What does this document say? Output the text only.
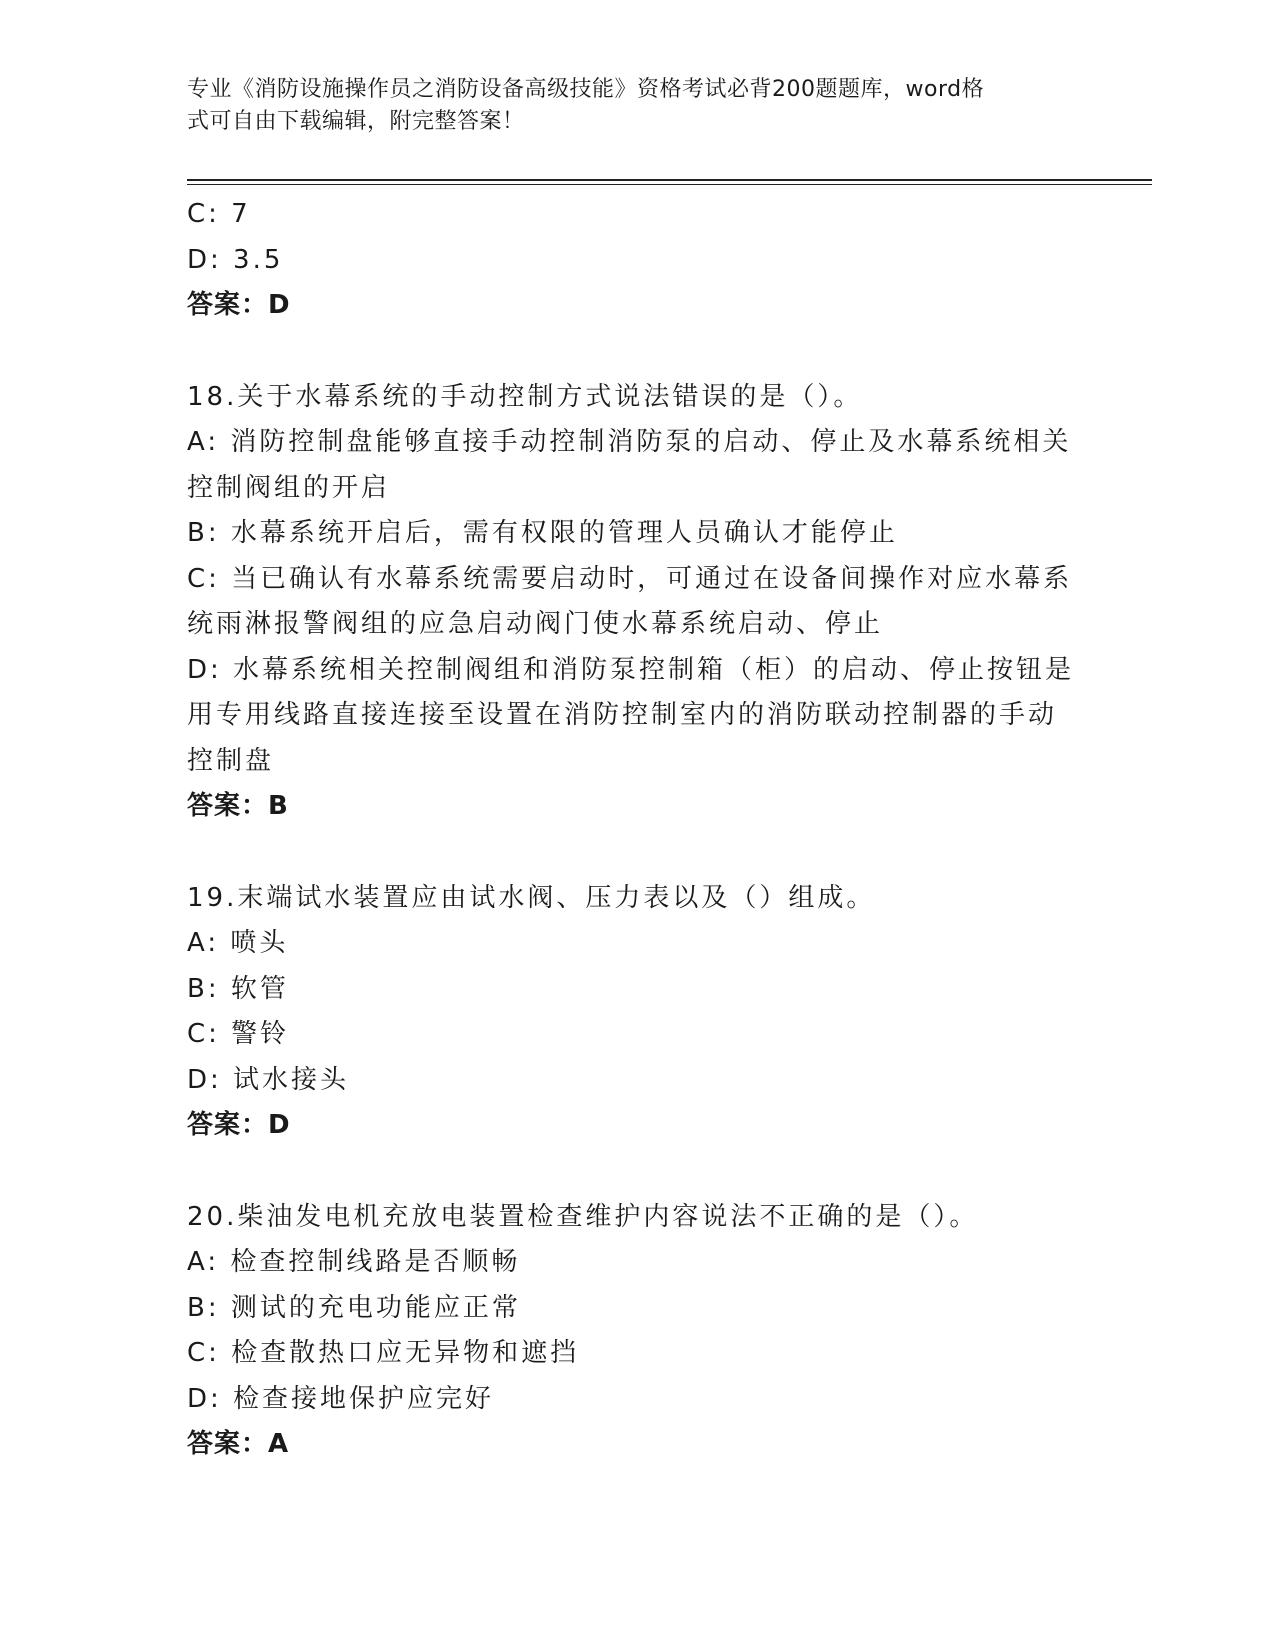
专业《消防设施操作员之消防设备高级技能》资格考试必背200题题库，word格
式可自由下载编辑，附完整答案！

C: 7

D: 3.5

答案：D

18.关于水幕系统的手动控制方式说法错误的是（）。

A: 消防控制盘能够直接手动控制消防泵的启动、停止及水幕系统相关

控制阀组的开启

B: 水幕系统开启后，需有权限的管理人员确认才能停止

C: 当已确认有水幕系统需要启动时，可通过在设备间操作对应水幕系

统雨淋报警阀组的应急启动阀门使水幕系统启动、停止

D: 水幕系统相关控制阀组和消防泵控制箱（柜）的启动、停止按钮是

用专用线路直接连接至设置在消防控制室内的消防联动控制器的手动

控制盘

答案：B

19.末端试水装置应由试水阀、压力表以及（）组成。

A: 喷头

B: 软管

C: 警铃

D: 试水接头

答案：D

20.柴油发电机充放电装置检查维护内容说法不正确的是（）。

A: 检查控制线路是否顺畅

B: 测试的充电功能应正常

C: 检查散热口应无异物和遮挡

D: 检查接地保护应完好

答案：A
